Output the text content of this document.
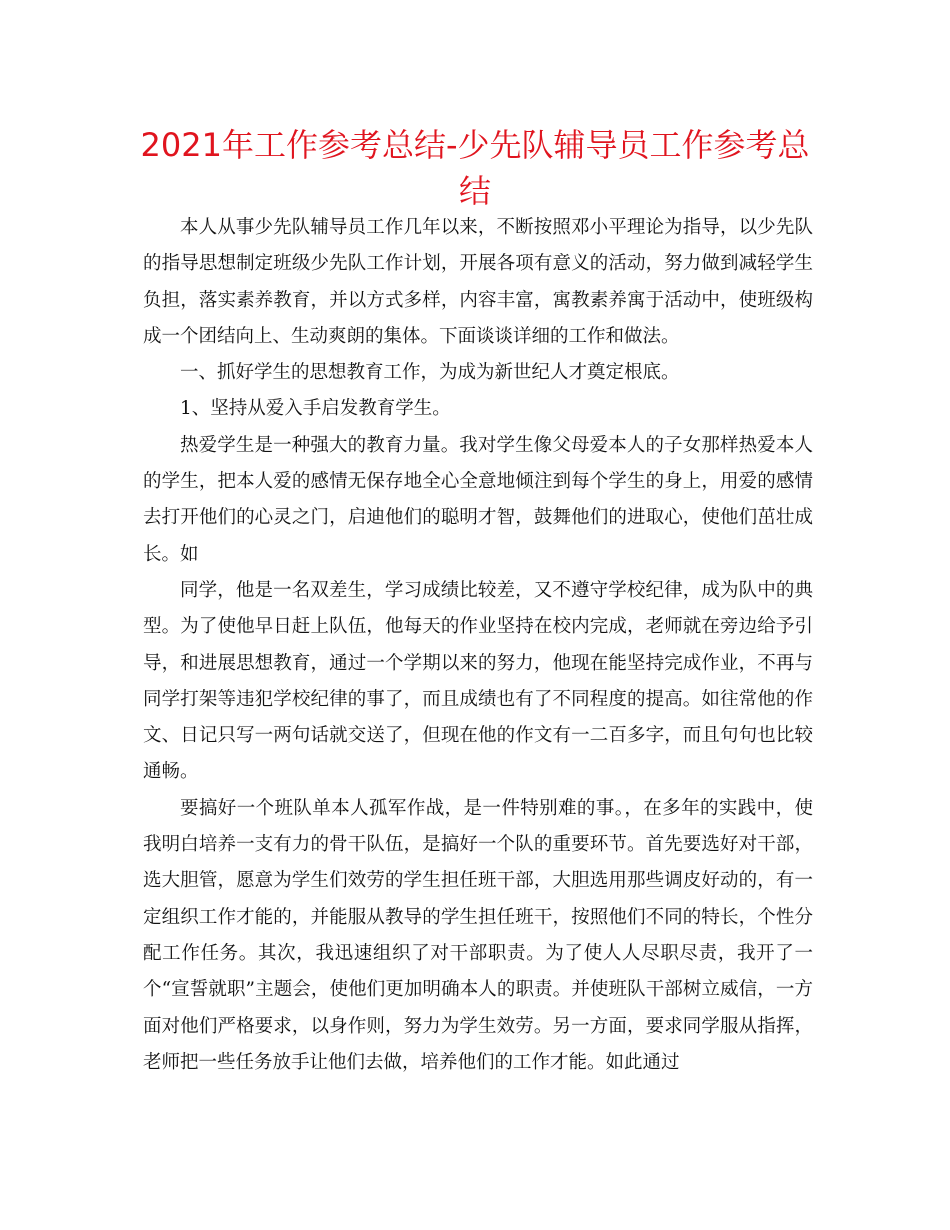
2021年工作参考总结-少先队辅导员工作参考总结

本人从事少先队辅导员工作几年以来，不断按照邓小平理论为指导，以少先队的指导思想制定班级少先队工作计划，开展各项有意义的活动，努力做到减轻学生负担，落实素养教育，并以方式多样，内容丰富，寓教素养寓于活动中，使班级构成一个团结向上、生动爽朗的集体。下面谈谈详细的工作和做法。

一、抓好学生的思想教育工作，为成为新世纪人才奠定根底。

1、坚持从爱入手启发教育学生。

热爱学生是一种强大的教育力量。我对学生像父母爱本人的子女那样热爱本人的学生，把本人爱的感情无保存地全心全意地倾注到每个学生的身上，用爱的感情去打开他们的心灵之门，启迪他们的聪明才智，鼓舞他们的进取心，使他们茁壮成长。如

同学，他是一名双差生，学习成绩比较差，又不遵守学校纪律，成为队中的典型。为了使他早日赶上队伍，他每天的作业坚持在校内完成，老师就在旁边给予引导，和进展思想教育，通过一个学期以来的努力，他现在能坚持完成作业，不再与同学打架等违犯学校纪律的事了，而且成绩也有了不同程度的提高。如往常他的作文、日记只写一两句话就交送了，但现在他的作文有一二百多字，而且句句也比较通畅。

要搞好一个班队单本人孤军作战，是一件特别难的事。，在多年的实践中，使我明白培养一支有力的骨干队伍，是搞好一个队的重要环节。首先要选好对干部，选大胆管，愿意为学生们效劳的学生担任班干部，大胆选用那些调皮好动的，有一定组织工作才能的，并能服从教导的学生担任班干，按照他们不同的特长，个性分配工作任务。其次，我迅速组织了对干部职责。为了使人人尽职尽责，我开了一个“宣誓就职”主题会，使他们更加明确本人的职责。并使班队干部树立威信，一方面对他们严格要求，以身作则，努力为学生效劳。另一方面，要求同学服从指挥，老师把一些任务放手让他们去做，培养他们的工作才能。如此通过
